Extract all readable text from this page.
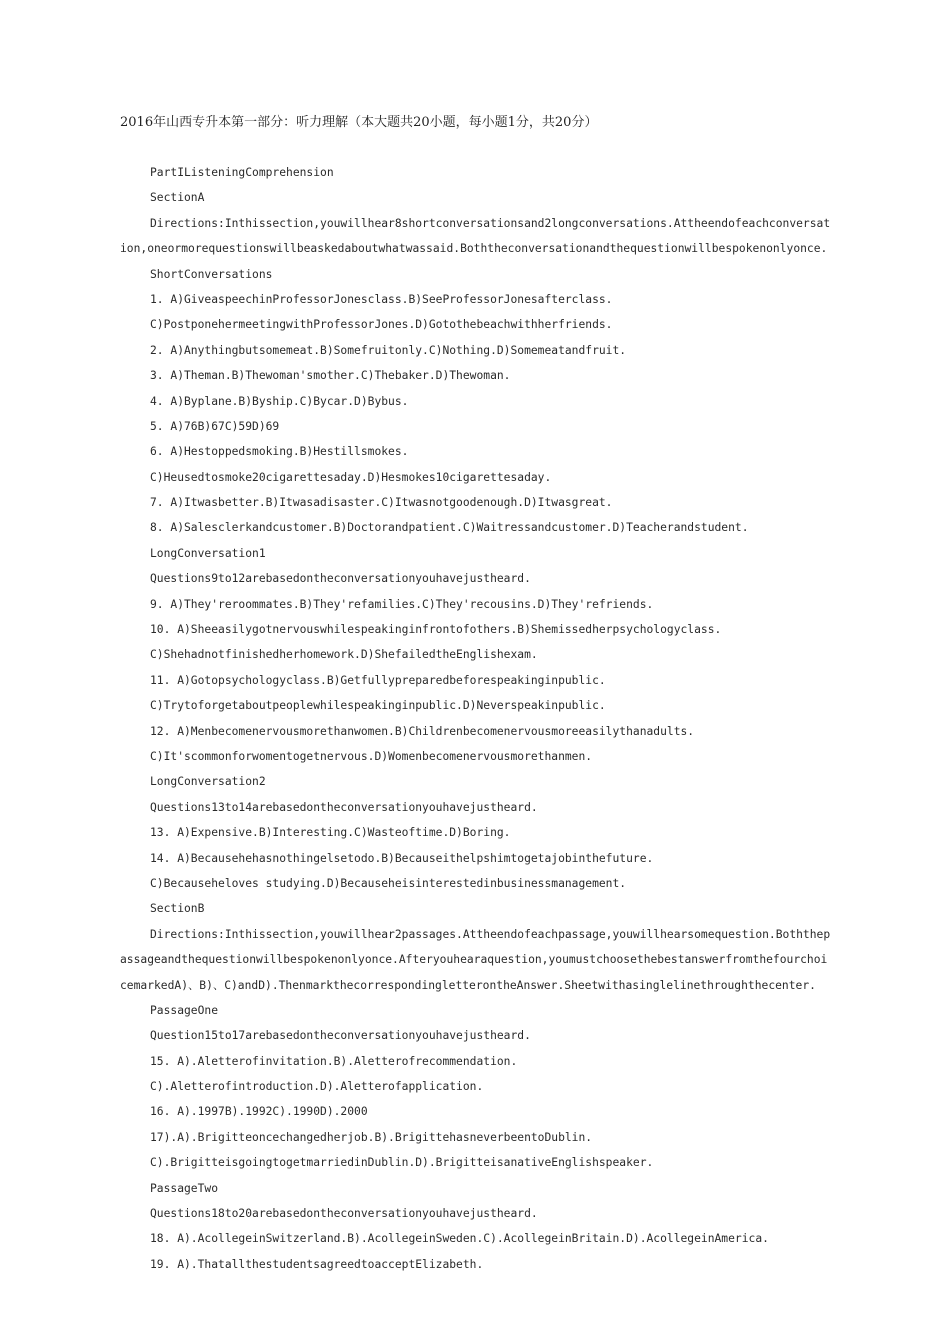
2016年山西专升本第一部分：听力理解（本大题共20小题，每小题1分，共20分）
PartIListeningComprehension
SectionA
Directions:Inthissection,youwillhear8shortconversationsand2longconversations.Attheendofeachconversat
ion,oneormorequestionswillbeaskedaboutwhatwassaid.Boththeconversationandthequestionwillbespokenonlyonce.
ShortConversations
1. A)GiveaspeechinProfessorJonesclass.B)SeeProfessorJonesafterclass.
C)PostponehermeetingwithProfessorJones.D)Gotothebeachwithherfriends.
2. A)Anythingbutsomemeat.B)Somefruitonly.C)Nothing.D)Somemeatandfruit.
3. A)Theman.B)Thewoman'smother.C)Thebaker.D)Thewoman.
4. A)Byplane.B)Byship.C)Bycar.D)Bybus.
5. A)76B)67C)59D)69
6. A)Hestoppedsmoking.B)Hestillsmokes.
C)Heusedtosmoke20cigarettesaday.D)Hesmokes10cigarettesaday.
7. A)Itwasbetter.B)Itwasadisaster.C)Itwasnotgoodenough.D)Itwasgreat.
8. A)Salesclerkandcustomer.B)Doctorandpatient.C)Waitressandcustomer.D)Teacherandstudent.
LongConversation1
Questions9to12arebasedontheconversationyouhavejustheard.
9. A)They'reroommates.B)They'refamilies.C)They'recousins.D)They'refriends.
10. A)Sheeasilygotnervouswhilespeakinginfrontofothers.B)Shemissedherpsychologyclass.
C)Shehadnotfinishedherhomework.D)ShefailedtheEnglishexam.
11. A)Gotopsychologyclass.B)Getfullypreparedbeforespeakinginpublic.
C)Trytoforgetaboutpeoplewhilespeakinginpublic.D)Neverspeakinpublic.
12. A)Menbecomenervousmorethanwomen.B)Childrenbecomenervousmoreeasilythanadults.
C)It'scommonforwomentogetnervous.D)Womenbecomenervousmorethanmen.
LongConversation2
Questions13to14arebasedontheconversationyouhavejustheard.
13. A)Expensive.B)Interesting.C)Wasteoftime.D)Boring.
14. A)Becausehehasnothingelsetodo.B)Becauseithelpshimtogetajobinthefuture.
C)Becauseheloves studying.D)Becauseheisinterestedinbusinessmanagement.
SectionB
Directions:Inthissection,youwillhear2passages.Attheendofeachpassage,youwillhearsomequestion.Boththep
assageandthequestionwillbespokenonlyonce.Afteryouhearaquestion,youmustchoosethebestanswerfromthefourchoi
cemarkedA)、B)、C)andD).ThenmarkthecorrespondingletterontheAnswer.Sheetwithasinglelinethroughthecenter.
PassageOne
Question15to17arebasedontheconversationyouhavejustheard.
15. A).Aletterofinvitation.B).Aletterofrecommendation.
C).Aletterofintroduction.D).Aletterofapplication.
16. A).1997B).1992C).1990D).2000
17).A).Brigitteoncechangedherjob.B).BrigittehasneverbeentoDublin.
C).BrigitteisgoingtogetmarriedinDublin.D).BrigitteisanativeEnglishspeaker.
PassageTwo
Questions18to20arebasedontheconversationyouhavejustheard.
18. A).AcollegeinSwitzerland.B).AcollegeinSweden.C).AcollegeinBritain.D).AcollegeinAmerica.
19. A).ThatallthestudentsagreedtoacceptElizabeth.
